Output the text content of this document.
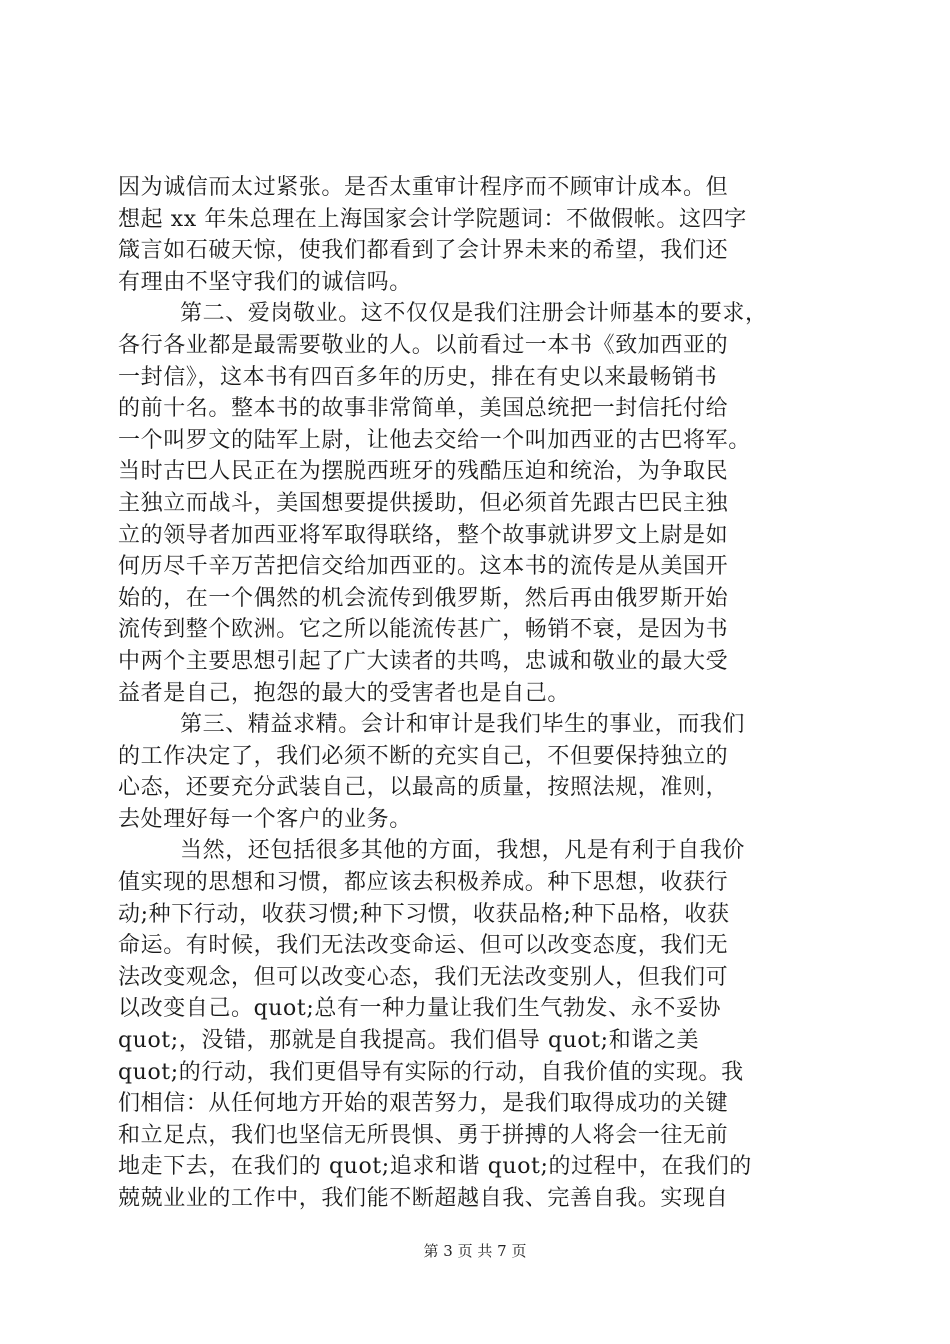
因为诚信而太过紧张。是否太重审计程序而不顾审计成本。但
想起 xx 年朱总理在上海国家会计学院题词：不做假帐。这四字
箴言如石破天惊，使我们都看到了会计界未来的希望，我们还
有理由不坚守我们的诚信吗。
第二、爱岗敬业。这不仅仅是我们注册会计师基本的要求，
各行各业都是最需要敬业的人。以前看过一本书《致加西亚的
一封信》，这本书有四百多年的历史，排在有史以来最畅销书
的前十名。整本书的故事非常简单，美国总统把一封信托付给
一个叫罗文的陆军上尉，让他去交给一个叫加西亚的古巴将军。
当时古巴人民正在为摆脱西班牙的残酷压迫和统治，为争取民
主独立而战斗，美国想要提供援助，但必须首先跟古巴民主独
立的领导者加西亚将军取得联络，整个故事就讲罗文上尉是如
何历尽千辛万苦把信交给加西亚的。这本书的流传是从美国开
始的，在一个偶然的机会流传到俄罗斯，然后再由俄罗斯开始
流传到整个欧洲。它之所以能流传甚广，畅销不衰，是因为书
中两个主要思想引起了广大读者的共鸣，忠诚和敬业的最大受
益者是自己，抱怨的最大的受害者也是自己。
第三、精益求精。会计和审计是我们毕生的事业，而我们
的工作决定了，我们必须不断的充实自己，不但要保持独立的
心态，还要充分武装自己，以最高的质量，按照法规，准则，
去处理好每一个客户的业务。
当然，还包括很多其他的方面，我想，凡是有利于自我价
值实现的思想和习惯，都应该去积极养成。种下思想，收获行
动;种下行动，收获习惯;种下习惯，收获品格;种下品格，收获
命运。有时候，我们无法改变命运、但可以改变态度，我们无
法改变观念，但可以改变心态，我们无法改变别人，但我们可
以改变自己。quot;总有一种力量让我们生气勃发、永不妥协
quot;，没错，那就是自我提高。我们倡导 quot;和谐之美
quot;的行动，我们更倡导有实际的行动，自我价值的实现。我
们相信：从任何地方开始的艰苦努力，是我们取得成功的关键
和立足点，我们也坚信无所畏惧、勇于拼搏的人将会一往无前
地走下去，在我们的 quot;追求和谐 quot;的过程中，在我们的
兢兢业业的工作中，我们能不断超越自我、完善自我。实现自
第 3 页 共 7 页
